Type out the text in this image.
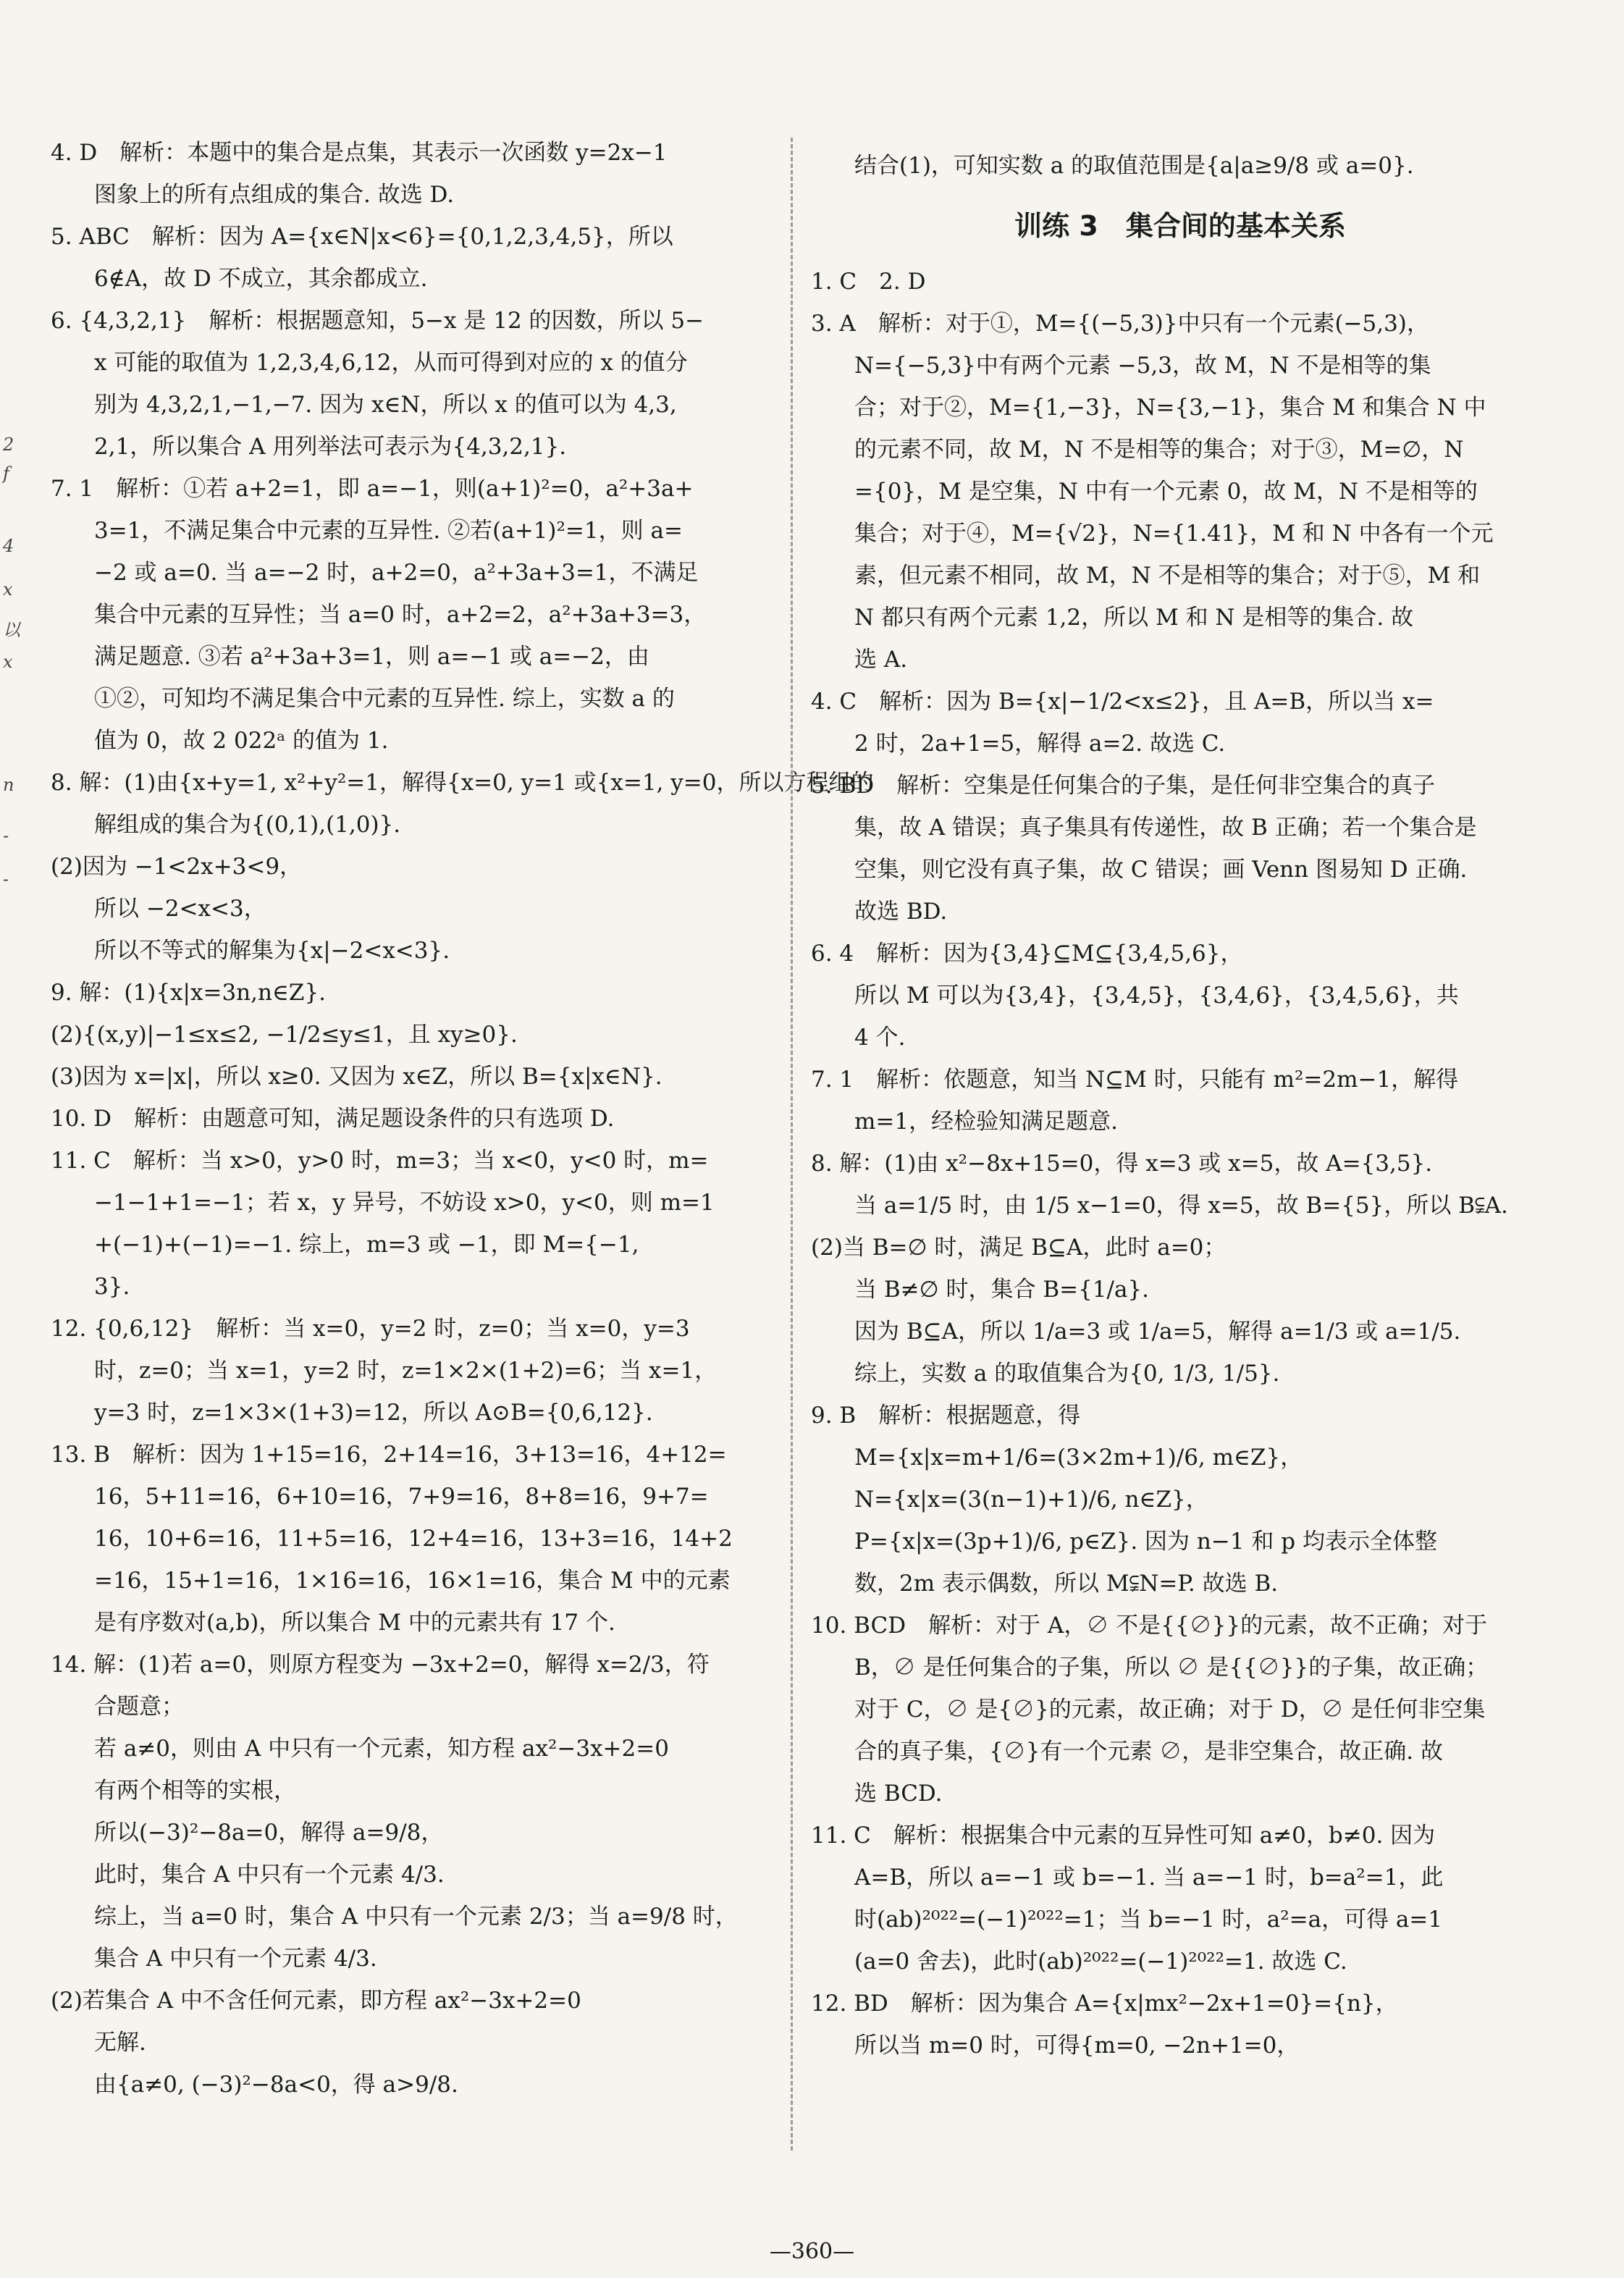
2
f
4
x
以
x
n
-
-
4. D　解析：本题中的集合是点集，其表示一次函数 y=2x−1
图象上的所有点组成的集合. 故选 D.
5. ABC　解析：因为 A={x∈N|x<6}={0,1,2,3,4,5}，所以
6∉A，故 D 不成立，其余都成立.
6. {4,3,2,1}　解析：根据题意知，5−x 是 12 的因数，所以 5−
x 可能的取值为 1,2,3,4,6,12，从而可得到对应的 x 的值分
别为 4,3,2,1,−1,−7. 因为 x∈N，所以 x 的值可以为 4,3,
2,1，所以集合 A 用列举法可表示为{4,3,2,1}.
7. 1　解析：①若 a+2=1，即 a=−1，则(a+1)²=0，a²+3a+
3=1，不满足集合中元素的互异性. ②若(a+1)²=1，则 a=
−2 或 a=0. 当 a=−2 时，a+2=0，a²+3a+3=1，不满足
集合中元素的互异性；当 a=0 时，a+2=2，a²+3a+3=3，
满足题意. ③若 a²+3a+3=1，则 a=−1 或 a=−2，由
①②，可知均不满足集合中元素的互异性. 综上，实数 a 的
值为 0，故 2 022ᵃ 的值为 1.
8. 解：(1)由{x+y=1, x²+y²=1，解得{x=0, y=1 或{x=1, y=0，所以方程组的
解组成的集合为{(0,1),(1,0)}.
(2)因为 −1<2x+3<9，
所以 −2<x<3，
所以不等式的解集为{x|−2<x<3}.
9. 解：(1){x|x=3n,n∈Z}.
(2){(x,y)|−1≤x≤2, −1/2≤y≤1，且 xy≥0}.
(3)因为 x=|x|，所以 x≥0. 又因为 x∈Z，所以 B={x|x∈N}.
10. D　解析：由题意可知，满足题设条件的只有选项 D.
11. C　解析：当 x>0，y>0 时，m=3；当 x<0，y<0 时，m=
−1−1+1=−1；若 x，y 异号，不妨设 x>0，y<0，则 m=1
+(−1)+(−1)=−1. 综上，m=3 或 −1，即 M={−1,
3}.
12. {0,6,12}　解析：当 x=0，y=2 时，z=0；当 x=0，y=3
时，z=0；当 x=1，y=2 时，z=1×2×(1+2)=6；当 x=1，
y=3 时，z=1×3×(1+3)=12，所以 A⊙B={0,6,12}.
13. B　解析：因为 1+15=16，2+14=16，3+13=16，4+12=
16，5+11=16，6+10=16，7+9=16，8+8=16，9+7=
16，10+6=16，11+5=16，12+4=16，13+3=16，14+2
=16，15+1=16，1×16=16，16×1=16，集合 M 中的元素
是有序数对(a,b)，所以集合 M 中的元素共有 17 个.
14. 解：(1)若 a=0，则原方程变为 −3x+2=0，解得 x=2/3，符
合题意；
若 a≠0，则由 A 中只有一个元素，知方程 ax²−3x+2=0
有两个相等的实根，
所以(−3)²−8a=0，解得 a=9/8，
此时，集合 A 中只有一个元素 4/3.
综上，当 a=0 时，集合 A 中只有一个元素 2/3；当 a=9/8 时，
集合 A 中只有一个元素 4/3.
(2)若集合 A 中不含任何元素，即方程 ax²−3x+2=0
无解.
由{a≠0, (−3)²−8a<0，得 a>9/8.
结合(1)，可知实数 a 的取值范围是{a|a≥9/8 或 a=0}.
训练 3　集合间的基本关系
1. C　2. D
3. A　解析：对于①，M={(−5,3)}中只有一个元素(−5,3)，
N={−5,3}中有两个元素 −5,3，故 M，N 不是相等的集
合；对于②，M={1,−3}，N={3,−1}，集合 M 和集合 N 中
的元素不同，故 M，N 不是相等的集合；对于③，M=∅，N
={0}，M 是空集，N 中有一个元素 0，故 M，N 不是相等的
集合；对于④，M={√2}，N={1.41}，M 和 N 中各有一个元
素，但元素不相同，故 M，N 不是相等的集合；对于⑤，M 和
N 都只有两个元素 1,2，所以 M 和 N 是相等的集合. 故
选 A.
4. C　解析：因为 B={x|−1/2<x≤2}，且 A=B，所以当 x=
2 时，2a+1=5，解得 a=2. 故选 C.
5. BD　解析：空集是任何集合的子集，是任何非空集合的真子
集，故 A 错误；真子集具有传递性，故 B 正确；若一个集合是
空集，则它没有真子集，故 C 错误；画 Venn 图易知 D 正确.
故选 BD.
6. 4　解析：因为{3,4}⊆M⊆{3,4,5,6}，
所以 M 可以为{3,4}，{3,4,5}，{3,4,6}，{3,4,5,6}，共
4 个.
7. 1　解析：依题意，知当 N⊆M 时，只能有 m²=2m−1，解得
m=1，经检验知满足题意.
8. 解：(1)由 x²−8x+15=0，得 x=3 或 x=5，故 A={3,5}.
当 a=1/5 时，由 1/5 x−1=0，得 x=5，故 B={5}，所以 B⫋A.
(2)当 B=∅ 时，满足 B⊆A，此时 a=0；
当 B≠∅ 时，集合 B={1/a}.
因为 B⊆A，所以 1/a=3 或 1/a=5，解得 a=1/3 或 a=1/5.
综上，实数 a 的取值集合为{0, 1/3, 1/5}.
9. B　解析：根据题意，得
M={x|x=m+1/6=(3×2m+1)/6, m∈Z}，
N={x|x=(3(n−1)+1)/6, n∈Z}，
P={x|x=(3p+1)/6, p∈Z}. 因为 n−1 和 p 均表示全体整
数，2m 表示偶数，所以 M⫋N=P. 故选 B.
10. BCD　解析：对于 A，∅ 不是{{∅}}的元素，故不正确；对于
B，∅ 是任何集合的子集，所以 ∅ 是{{∅}}的子集，故正确；
对于 C，∅ 是{∅}的元素，故正确；对于 D，∅ 是任何非空集
合的真子集，{∅}有一个元素 ∅，是非空集合，故正确. 故
选 BCD.
11. C　解析：根据集合中元素的互异性可知 a≠0，b≠0. 因为
A=B，所以 a=−1 或 b=−1. 当 a=−1 时，b=a²=1，此
时(ab)²⁰²²=(−1)²⁰²²=1；当 b=−1 时，a²=a，可得 a=1
(a=0 舍去)，此时(ab)²⁰²²=(−1)²⁰²²=1. 故选 C.
12. BD　解析：因为集合 A={x|mx²−2x+1=0}={n}，
所以当 m=0 时，可得{m=0, −2n+1=0，
—360—
